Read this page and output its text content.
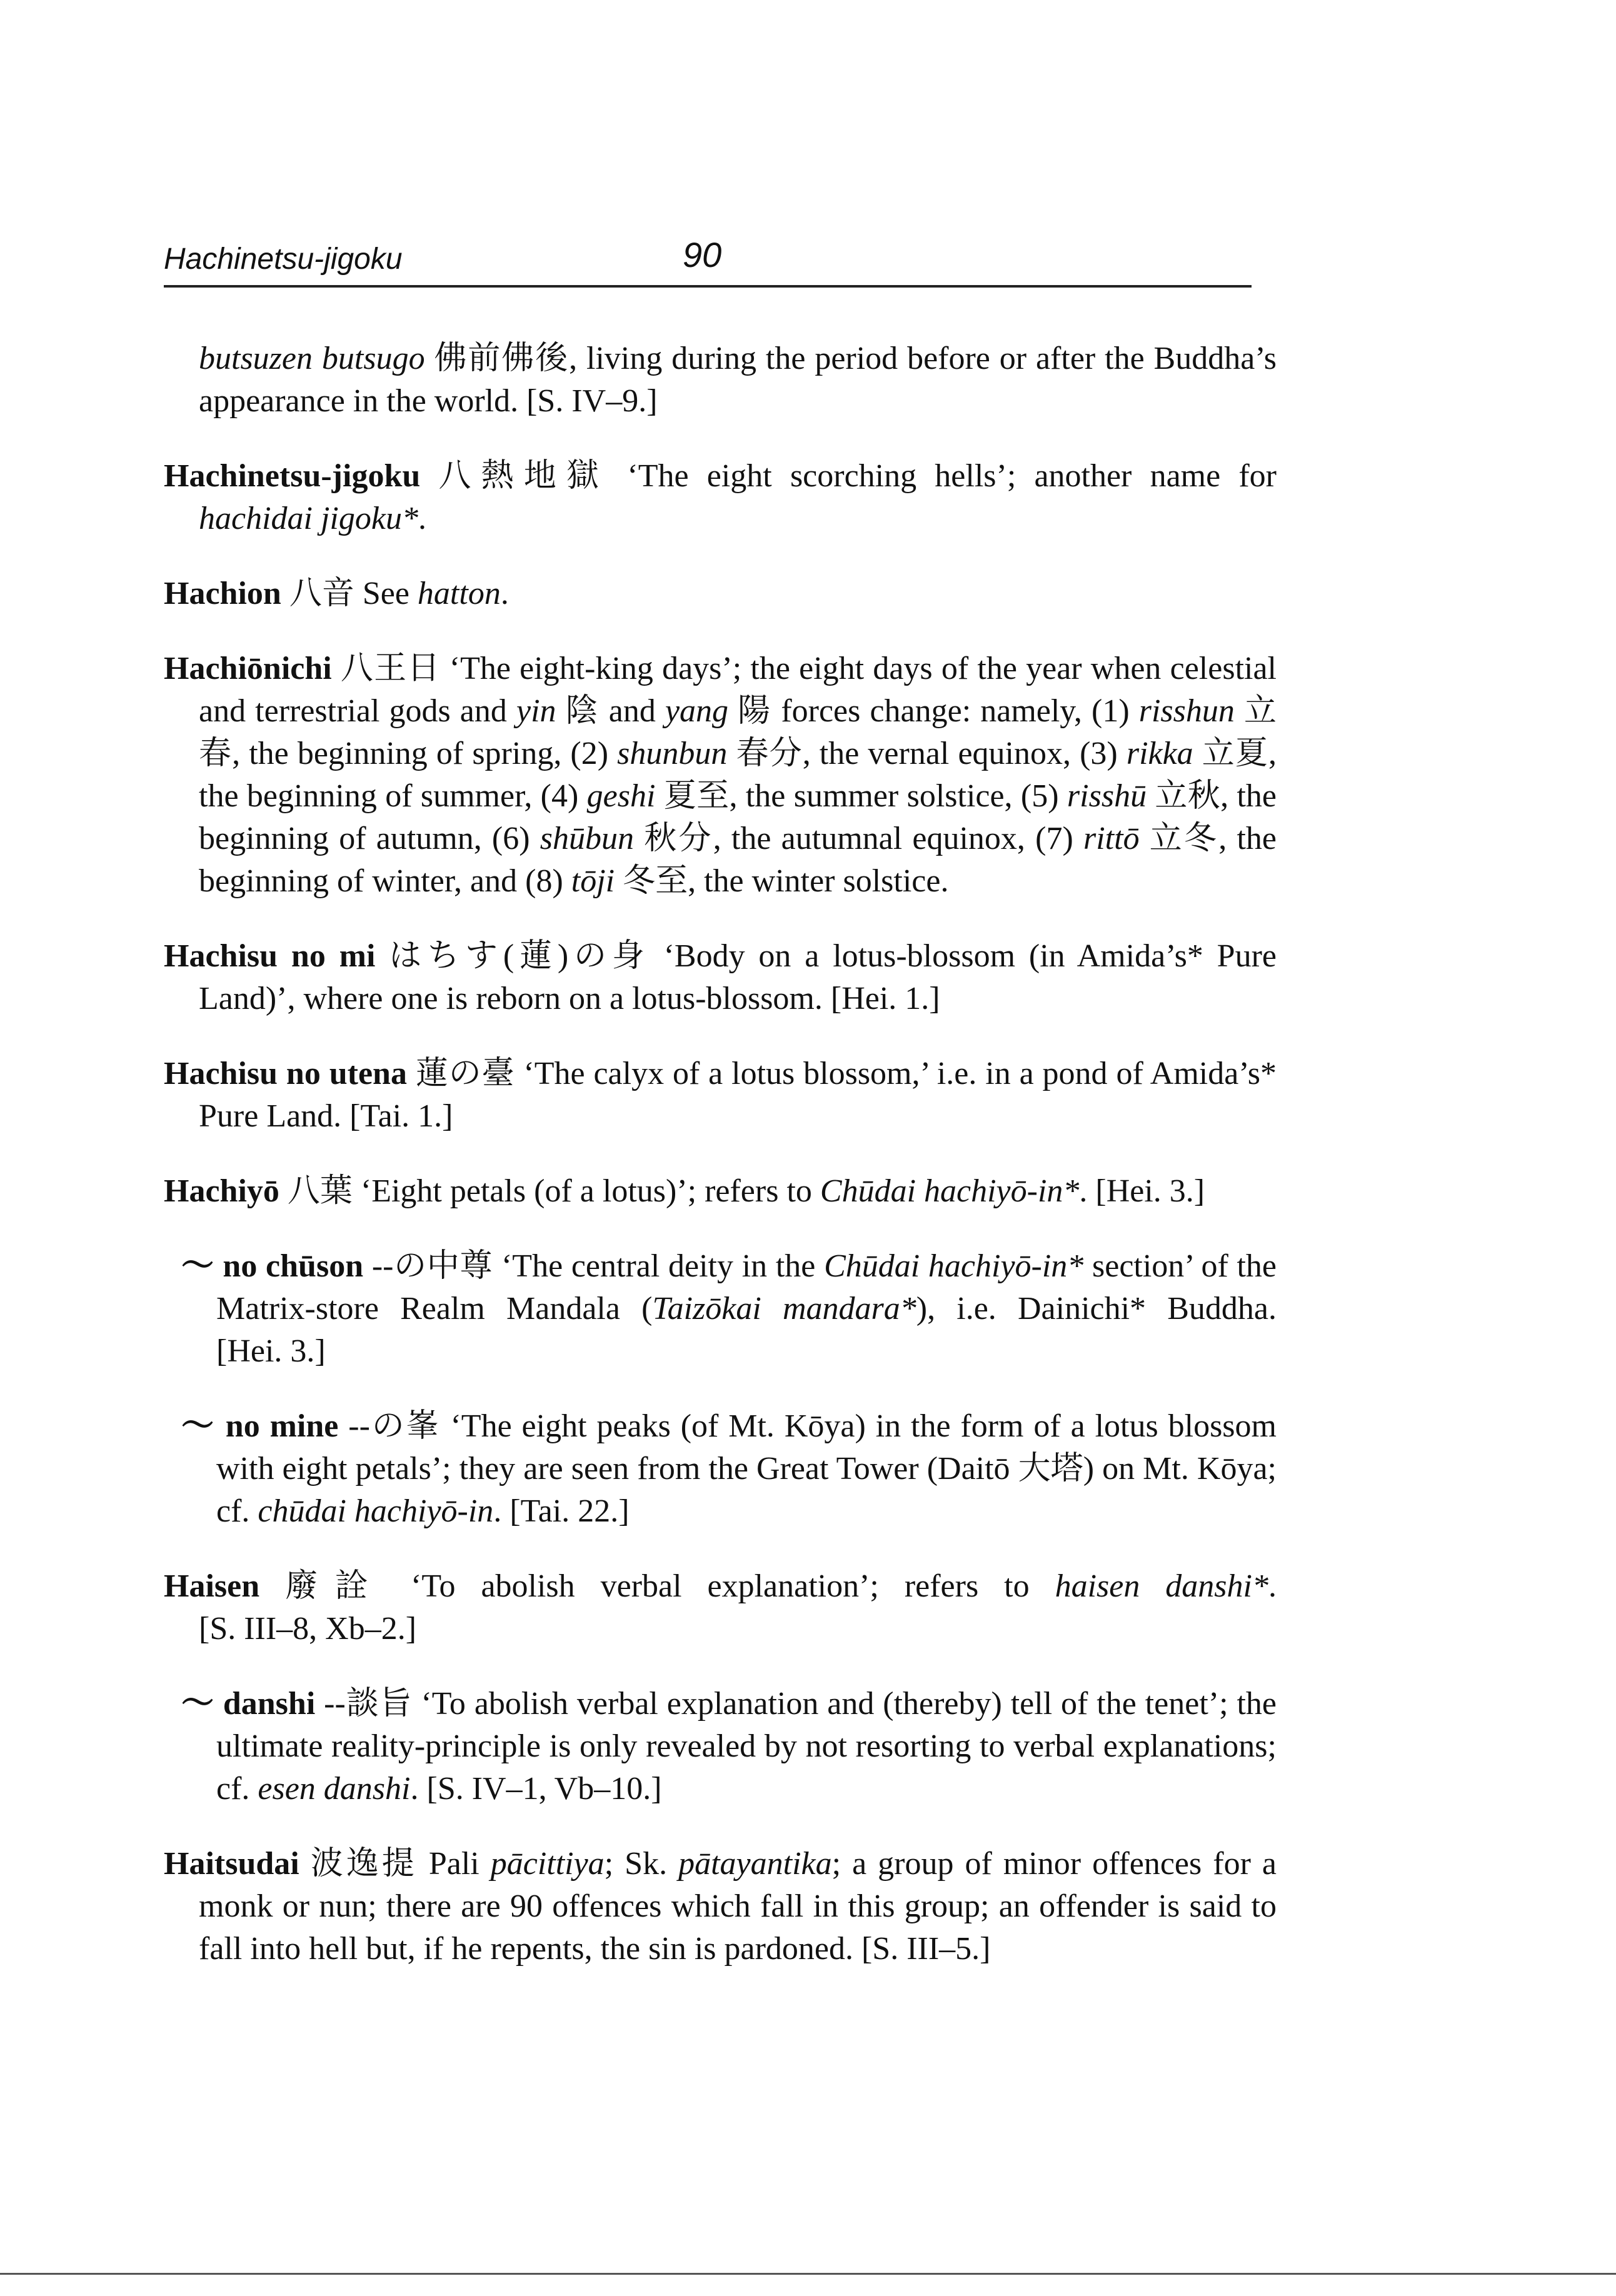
Hachinetsu-jigoku	90

butsuzen butsugo 佛前佛後, living during the period before or after the Buddha’s appearance in the world. [S. IV–9.]

Hachinetsu-jigoku 八熱地獄 ‘The eight scorching hells’; another name for hachidai jigoku*.

Hachion 八音 See hatton.

Hachiōnichi 八王日 ‘The eight-king days’; the eight days of the year when celestial and terrestrial gods and yin 陰 and yang 陽 forces change: namely, (1) risshun 立春, the beginning of spring, (2) shunbun 春分, the vernal equinox, (3) rikka 立夏, the beginning of summer, (4) geshi 夏至, the summer solstice, (5) risshū 立秋, the beginning of autumn, (6) shūbun 秋分, the autumnal equinox, (7) rittō 立冬, the beginning of winter, and (8) tōji 冬至, the winter solstice.

Hachisu no mi はちす(蓮)の身 ‘Body on a lotus-blossom (in Amida’s* Pure Land)’, where one is reborn on a lotus-blossom. [Hei. 1.]

Hachisu no utena 蓮の臺 ‘The calyx of a lotus blossom,’ i.e. in a pond of Amida’s* Pure Land. [Tai. 1.]

Hachiyō 八葉 ‘Eight petals (of a lotus)’; refers to Chūdai hachiyō-in*. [Hei. 3.]

～ no chūson --の中尊 ‘The central deity in the Chūdai hachiyō-in* section’ of the Matrix-store Realm Mandala (Taizōkai mandara*), i.e. Dainichi* Buddha. [Hei. 3.]

～ no mine --の峯 ‘The eight peaks (of Mt. Kōya) in the form of a lotus blossom with eight petals’; they are seen from the Great Tower (Daitō 大塔) on Mt. Kōya; cf. chūdai hachiyō-in. [Tai. 22.]

Haisen 廢詮 ‘To abolish verbal explanation’; refers to haisen danshi*. [S. III–8, Xb–2.]

～ danshi --談旨 ‘To abolish verbal explanation and (thereby) tell of the tenet’; the ultimate reality-principle is only revealed by not resorting to verbal explanations; cf. esen danshi. [S. IV–1, Vb–10.]

Haitsudai 波逸提 Pali pācittiya; Sk. pātayantika; a group of minor offences for a monk or nun; there are 90 offences which fall in this group; an offender is said to fall into hell but, if he repents, the sin is pardoned. [S. III–5.]
